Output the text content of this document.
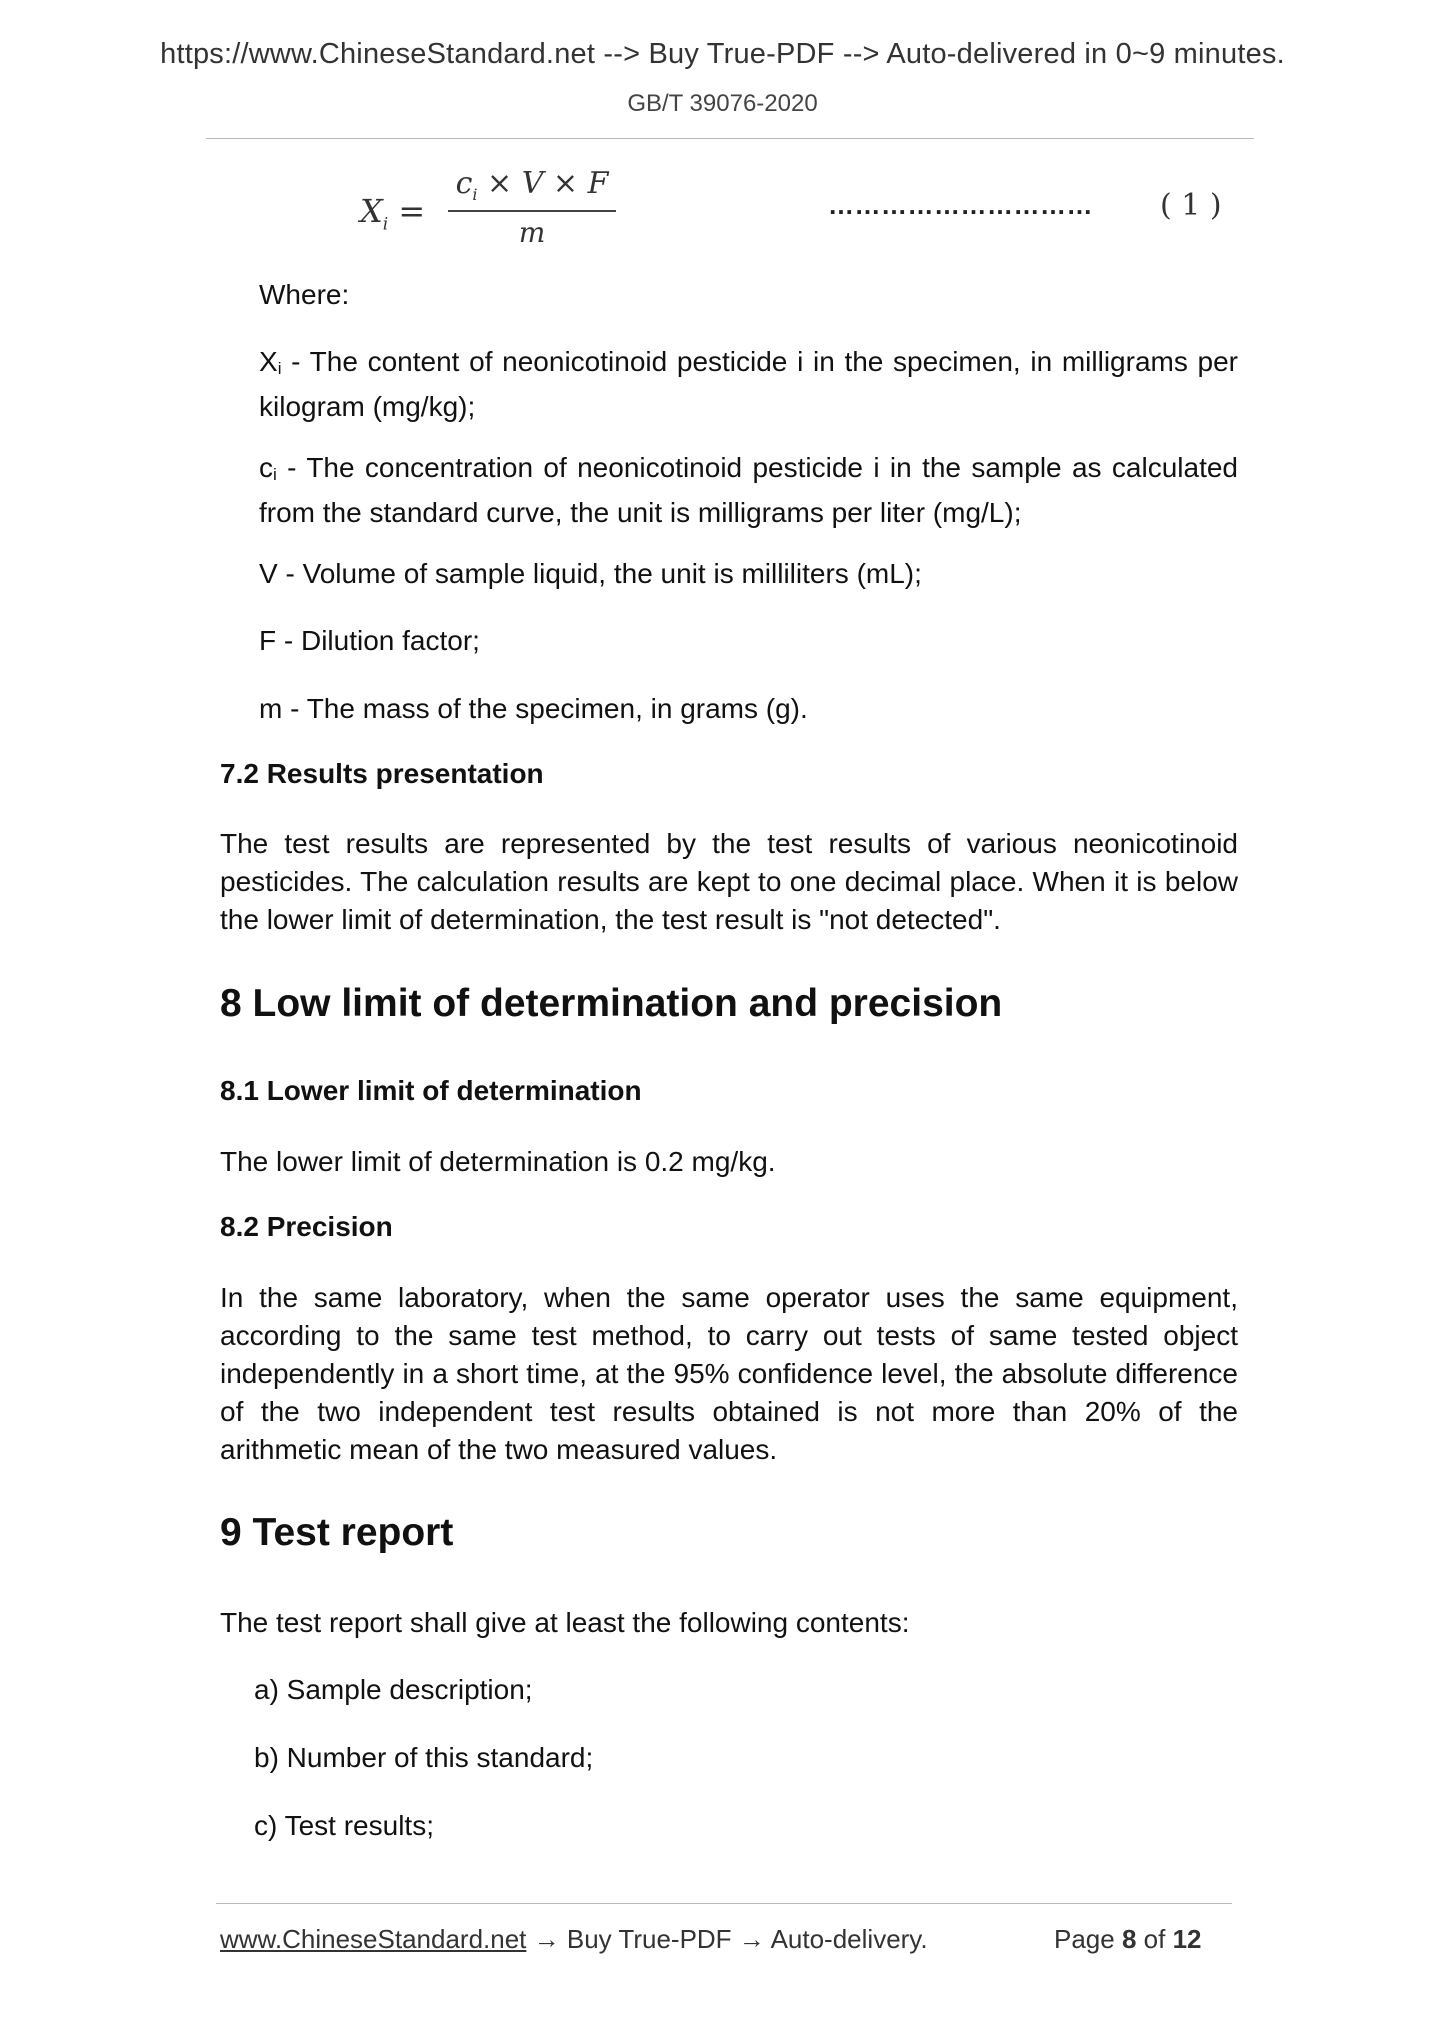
https://www.ChineseStandard.net --> Buy True-PDF --> Auto-delivered in 0~9 minutes.
GB/T 39076-2020
$X_i$ =
$c_i \times V \times F$
m
………………………… ( 1 )
Where:
$X_i$ - The content of neonicotinoid pesticide i in the specimen, in milligrams per kilogram (mg/kg);
$c_i$ - The concentration of neonicotinoid pesticide i in the sample as calculated from the standard curve, the unit is milligrams per liter (mg/L);
V - Volume of sample liquid, the unit is milliliters (mL);
F - Dilution factor;
m - The mass of the specimen, in grams (g).
7.2 Results presentation
The test results are represented by the test results of various neonicotinoid pesticides. The calculation results are kept to one decimal place. When it is below the lower limit of determination, the test result is "not detected".
8 Low limit of determination and precision
8.1 Lower limit of determination
The lower limit of determination is 0.2 mg/kg.
8.2 Precision
In the same laboratory, when the same operator uses the same equipment, according to the same test method, to carry out tests of same tested object independently in a short time, at the 95% confidence level, the absolute difference of the two independent test results obtained is not more than 20% of the arithmetic mean of the two measured values.
9 Test report
The test report shall give at least the following contents:
a) Sample description;
b) Number of this standard;
c) Test results;
www.ChineseStandard.net → Buy True-PDF → Auto-delivery.	Page 8 of 12
